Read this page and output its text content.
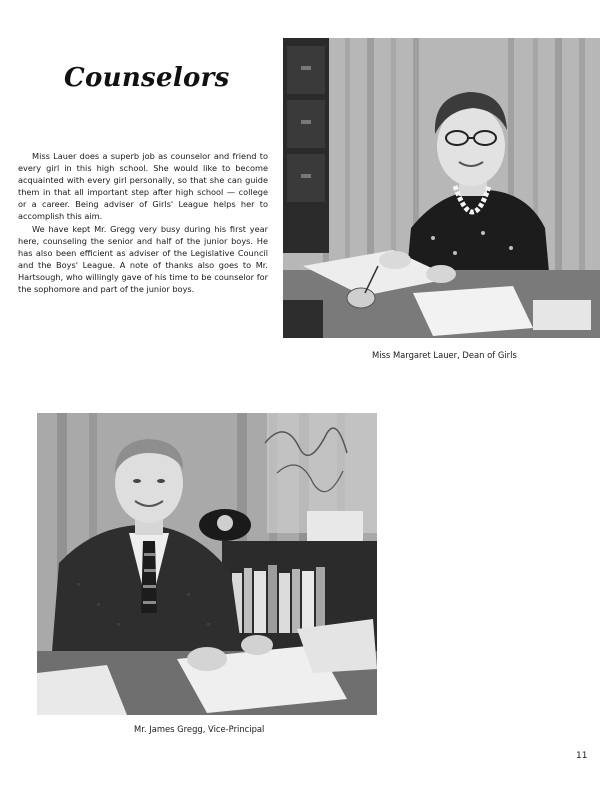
Counselors

Miss Lauer does a superb job as counselor and friend to every girl in this high school. She would like to become acquainted with every girl personally, so that she can guide them in that all important step after high school — college or a career. Being adviser of Girls' League helps her to accomplish this aim.

We have kept Mr. Gregg very busy during his first year here, counseling the senior and half of the junior boys. He has also been efficient as adviser of the Legislative Council and the Boys' League. A note of thanks also goes to Mr. Hartsough, who willingly gave of his time to be counselor for the sophomore and part of the junior boys.

Miss Margaret Lauer, Dean of Girls
Mr. James Gregg, Vice-Principal
11
